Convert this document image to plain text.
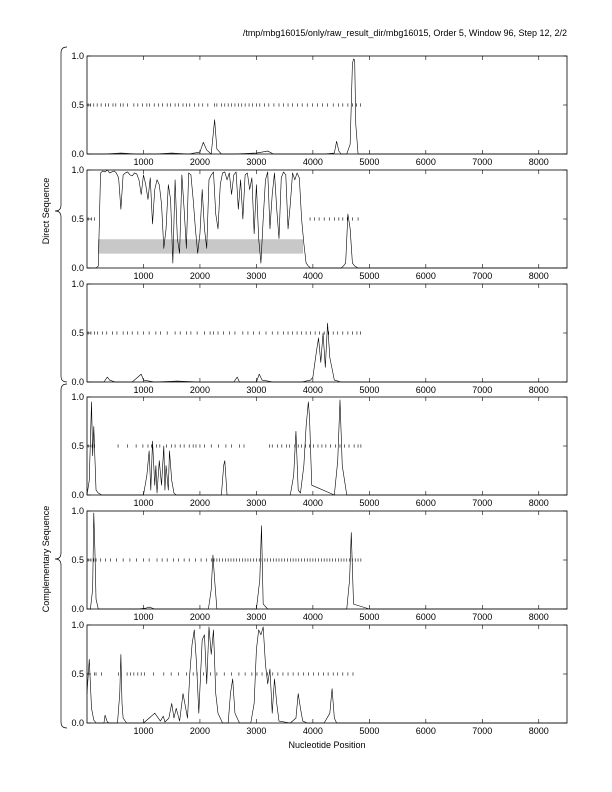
/tmp/mbg16015/only/raw_result_dir/mbg16015, Order 5, Window 96, Step 12, 2/2
Direct Sequence
Complementary Sequence
0.0
0.5
1.0
1000	2000	3000	4000	5000	6000	7000	8000
0.0
0.5
1.0
1000	2000	3000	4000	5000	6000	7000	8000
0.0
0.5
1.0
1000	2000	3000	4000	5000	6000	7000	8000
0.0
0.5
1.0
1000	2000	3000	4000	5000	6000	7000	8000
0.0
0.5
1.0
1000	2000	3000	4000	5000	6000	7000	8000
0.0
0.5
1.0
1000	2000	3000	4000	5000	6000	7000	8000
Nucleotide Position
